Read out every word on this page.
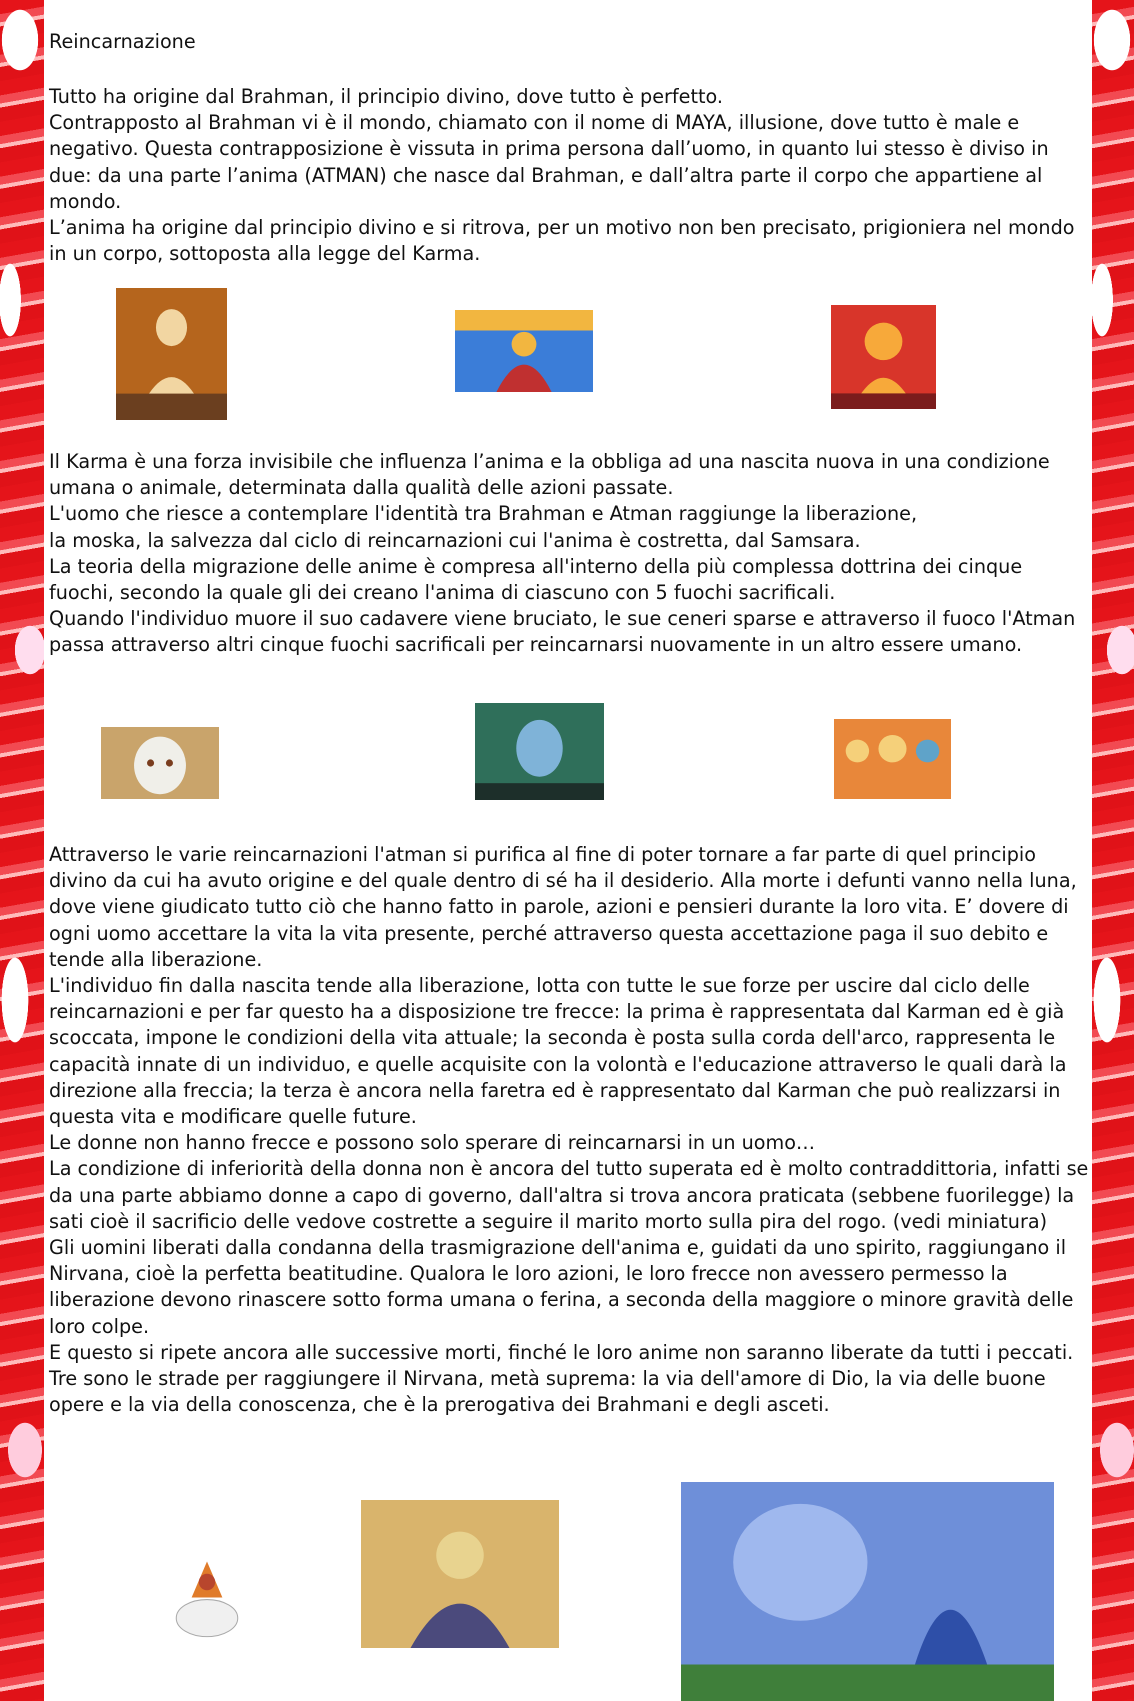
Reincarnazione

Tutto ha origine dal Brahman, il principio divino, dove tutto è perfetto.

Contrapposto al Brahman vi è il mondo, chiamato con il nome di MAYA, illusione, dove tutto è male e negativo. Questa contrapposizione è vissuta in prima persona dall’uomo, in quanto lui stesso è diviso in due: da una parte l’anima (ATMAN) che nasce dal Brahman, e dall’altra parte il corpo che appartiene al mondo.

L’anima ha origine dal principio divino e si ritrova, per un motivo non ben precisato, prigioniera nel mondo in un corpo, sottoposta alla legge del Karma.

Il Karma è una forza invisibile che influenza l’anima e la obbliga ad una nascita nuova in una condizione umana o animale, determinata dalla qualità delle azioni passate.

L'uomo che riesce a contemplare l'identità tra Brahman e Atman raggiunge la liberazione,

la moska, la salvezza dal ciclo di reincarnazioni cui l'anima è costretta, dal Samsara.

La teoria della migrazione delle anime è compresa all'interno della più complessa dottrina dei cinque fuochi, secondo la quale gli dei creano l'anima di ciascuno con 5 fuochi sacrificali.

Quando l'individuo muore il suo cadavere viene bruciato, le sue ceneri sparse e attraverso il fuoco l'Atman passa attraverso altri cinque fuochi sacrificali per reincarnarsi nuovamente in un altro essere umano.

Attraverso le varie reincarnazioni l'atman si purifica al fine di poter tornare a far parte di quel principio divino da cui ha avuto origine e del quale dentro di sé ha il desiderio. Alla morte i defunti vanno nella luna, dove viene giudicato tutto ciò che hanno fatto in parole, azioni e pensieri durante la loro vita. E’ dovere di ogni uomo accettare la vita la vita presente, perché attraverso questa accettazione paga il suo debito e tende alla liberazione.

L'individuo fin dalla nascita tende alla liberazione, lotta con tutte le sue forze per uscire dal ciclo delle reincarnazioni e per far questo ha a disposizione tre frecce: la prima è rappresentata dal Karman ed è già scoccata, impone le condizioni della vita attuale; la seconda è posta sulla corda dell'arco, rappresenta le capacità innate di un individuo, e quelle acquisite con la volontà e l'educazione attraverso le quali darà la direzione alla freccia; la terza è ancora nella faretra ed è rappresentato dal Karman che può realizzarsi in questa vita e modificare quelle future.

Le donne non hanno frecce e possono solo sperare di reincarnarsi in un uomo…

La condizione di inferiorità della donna non è ancora del tutto superata ed è molto contraddittoria, infatti se da una parte abbiamo donne a capo di governo, dall'altra si trova ancora praticata (sebbene fuorilegge) la sati cioè il sacrificio delle vedove costrette a seguire il marito morto sulla pira del rogo. (vedi miniatura)

Gli uomini liberati dalla condanna della trasmigrazione dell'anima e, guidati da uno spirito, raggiungano il Nirvana, cioè la perfetta beatitudine. Qualora le loro azioni, le loro frecce non avessero permesso la liberazione devono rinascere sotto forma umana o ferina, a seconda della maggiore o minore gravità delle loro colpe.

E questo si ripete ancora alle successive morti, finché le loro anime non saranno liberate da tutti i peccati.

Tre sono le strade per raggiungere il Nirvana, metà suprema: la via dell'amore di Dio, la via delle buone opere e la via della conoscenza, che è la prerogativa dei Brahmani e degli asceti.
